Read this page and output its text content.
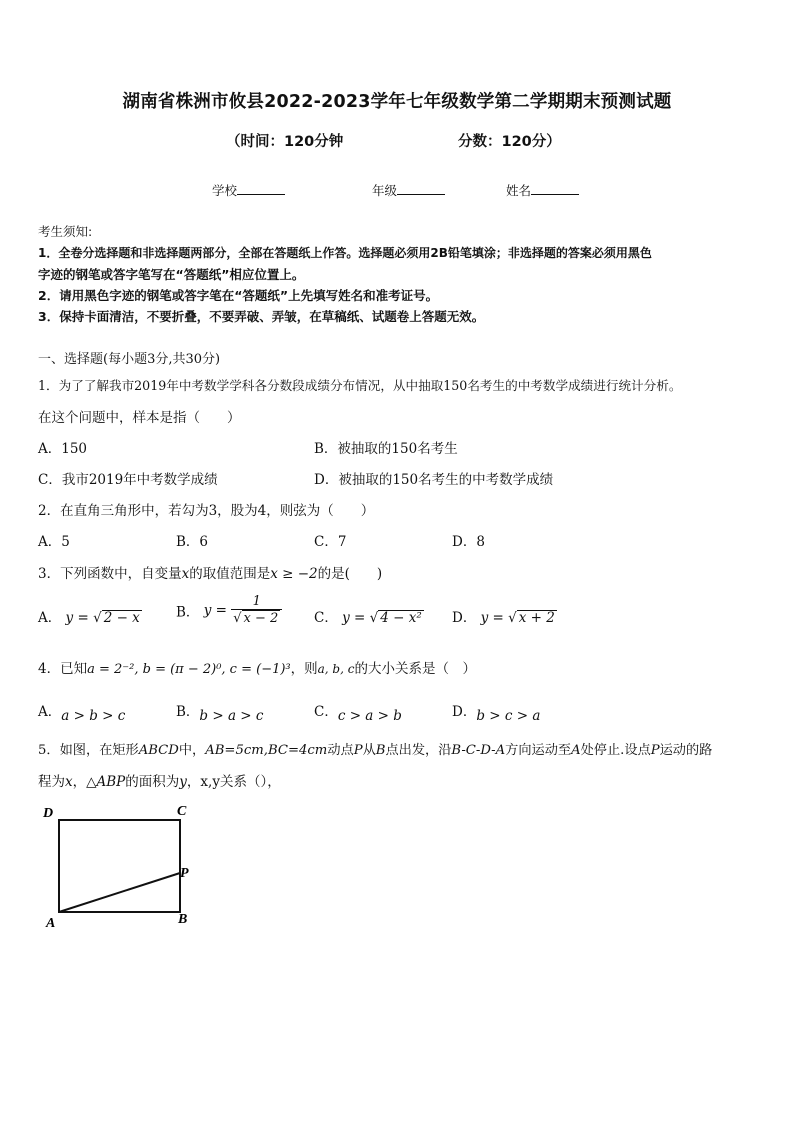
湖南省株洲市攸县2022-2023学年七年级数学第二学期期末预测试题
（时间：120分钟	分数：120分）
学校	年级	姓名
考生须知:
1．全卷分选择题和非选择题两部分，全部在答题纸上作答。选择题必须用2B铅笔填涂；非选择题的答案必须用黑色
字迹的钢笔或答字笔写在“答题纸”相应位置上。
2．请用黑色字迹的钢笔或答字笔在“答题纸”上先填写姓名和准考证号。
3．保持卡面清洁，不要折叠，不要弄破、弄皱，在草稿纸、试题卷上答题无效。
一、选择题(每小题3分,共30分)
1．为了了解我市2019年中考数学学科各分数段成绩分布情况，从中抽取150名考生的中考数学成绩进行统计分析。
在这个问题中，样本是指（　　）
A．150	B．被抽取的150名考生
C．我市2019年中考数学成绩	D．被抽取的150名考生的中考数学成绩
2．在直角三角形中，若勾为3，股为4，则弦为（　　）
A．5	B．6	C．7	D．8
3．下列函数中，自变量x的取值范围是x ≥ −2的是(　　)
A． y = √ 2 − x	B． $y = \frac{1}{√ x - 2}$ C． y = √ 4 − x² D． y = √ x + 2
4．已知a = 2⁻², b = (π − 2)⁰, c = (−1)³，则a, b, c的大小关系是（　）
A．a > b > c	B．b > a > c	C．c > a > b	D．b > c > a
5．如图，在矩形ABCD中，AB=5cm,BC=4cm动点P从B点出发，沿B-C-D-A方向运动至A处停止.设点P运动的路
程为x，△ABP的面积为y，x,y关系（），
D	C
P
A	B
